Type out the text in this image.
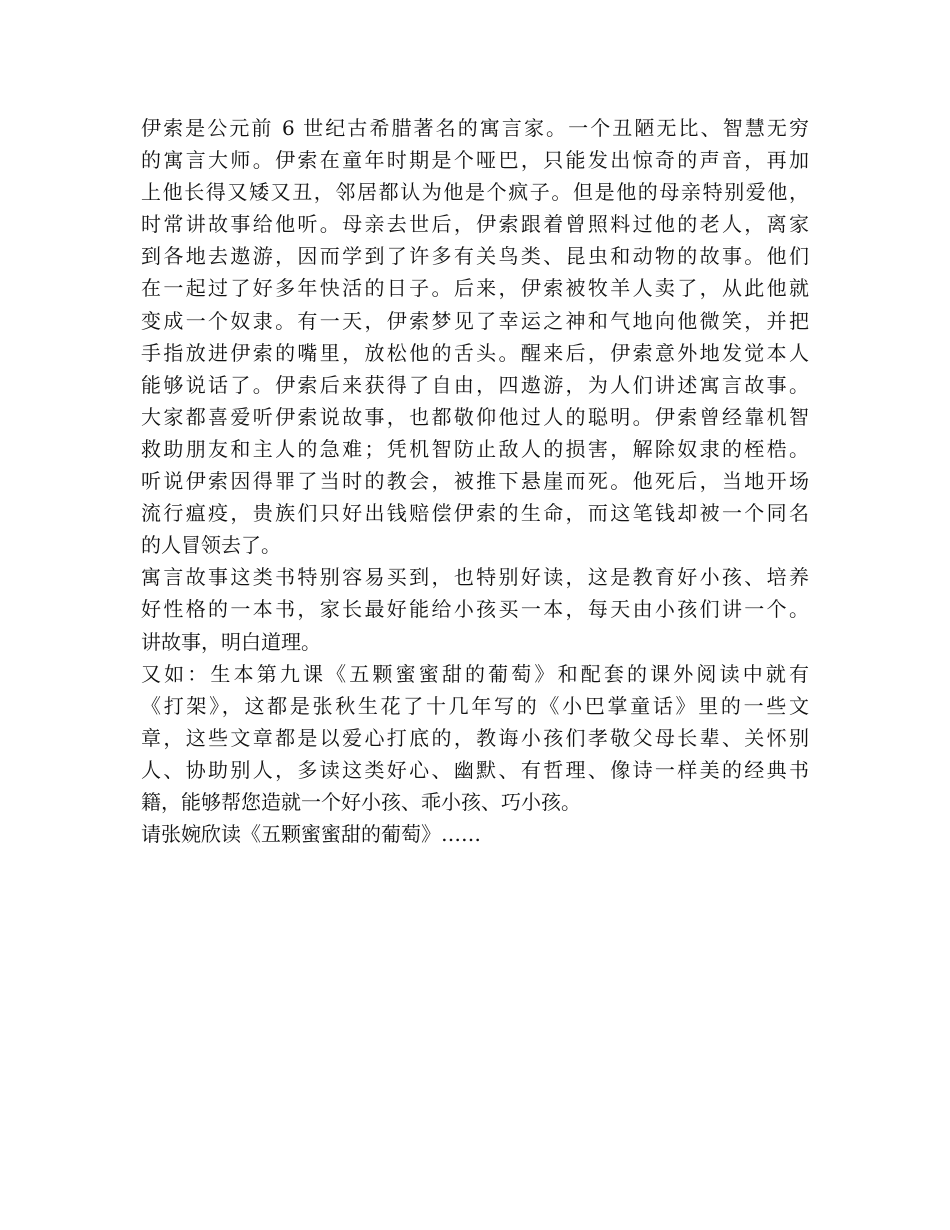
伊索是公元前 6 世纪古希腊著名的寓言家。一个丑陋无比、智慧无穷
的寓言大师。伊索在童年时期是个哑巴，只能发出惊奇的声音，再加
上他长得又矮又丑，邻居都认为他是个疯子。但是他的母亲特别爱他，
时常讲故事给他听。母亲去世后，伊索跟着曾照料过他的老人，离家
到各地去遨游，因而学到了许多有关鸟类、昆虫和动物的故事。他们
在一起过了好多年快活的日子。后来，伊索被牧羊人卖了，从此他就
变成一个奴隶。有一天，伊索梦见了幸运之神和气地向他微笑，并把
手指放进伊索的嘴里，放松他的舌头。醒来后，伊索意外地发觉本人
能够说话了。伊索后来获得了自由，四遨游，为人们讲述寓言故事。
大家都喜爱听伊索说故事，也都敬仰他过人的聪明。伊索曾经靠机智
救助朋友和主人的急难；凭机智防止敌人的损害，解除奴隶的桎梏。
听说伊索因得罪了当时的教会，被推下悬崖而死。他死后，当地开场
流行瘟疫，贵族们只好出钱赔偿伊索的生命，而这笔钱却被一个同名
的人冒领去了。
寓言故事这类书特别容易买到，也特别好读，这是教育好小孩、培养
好性格的一本书，家长最好能给小孩买一本，每天由小孩们讲一个。
讲故事，明白道理。
又如：生本第九课《五颗蜜蜜甜的葡萄》和配套的课外阅读中就有
《打架》，这都是张秋生花了十几年写的《小巴掌童话》里的一些文
章，这些文章都是以爱心打底的，教诲小孩们孝敬父母长辈、关怀别
人、协助别人，多读这类好心、幽默、有哲理、像诗一样美的经典书
籍，能够帮您造就一个好小孩、乖小孩、巧小孩。
请张婉欣读《五颗蜜蜜甜的葡萄》……
